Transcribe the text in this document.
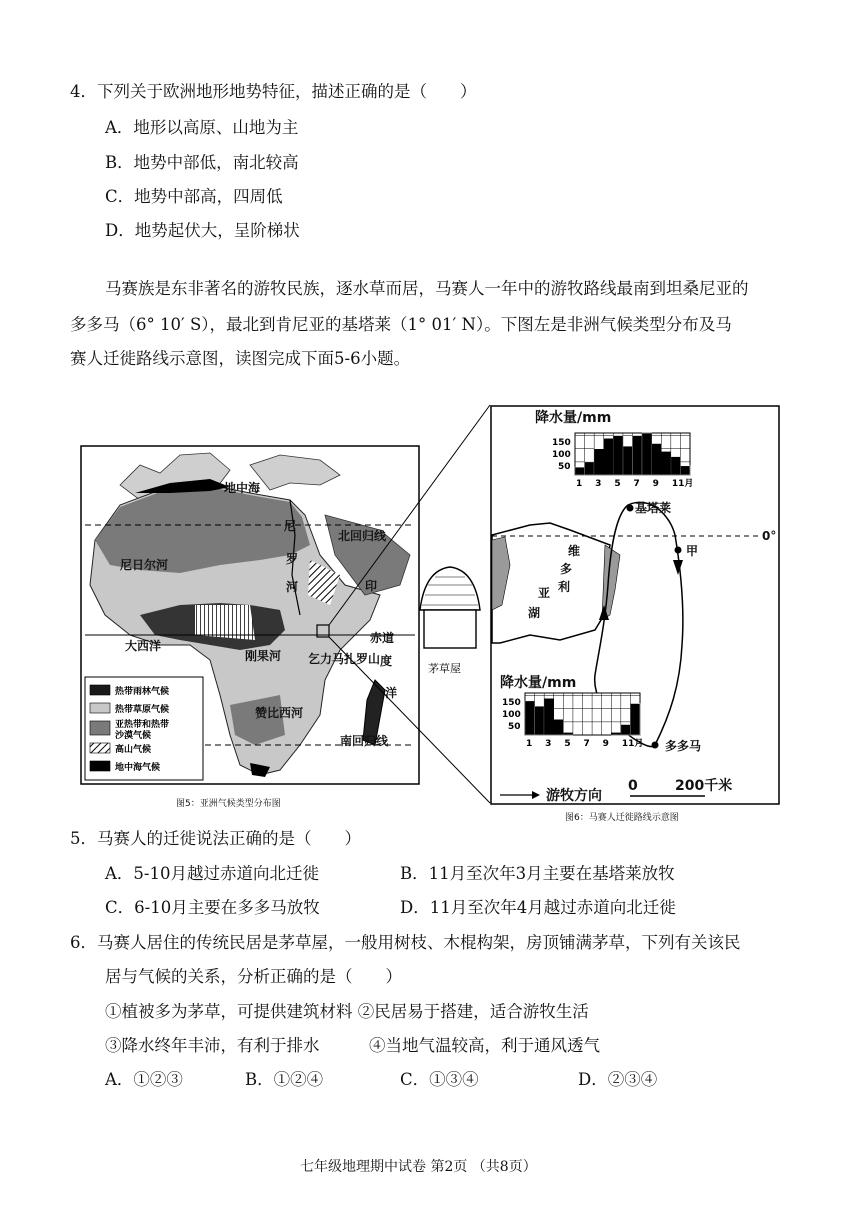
4．下列关于欧洲地形地势特征，描述正确的是（　　）
A．地形以高原、山地为主
B．地势中部低，南北较高
C．地势中部高，四周低
D．地势起伏大，呈阶梯状
马赛族是东非著名的游牧民族，逐水草而居，马赛人一年中的游牧路线最南到坦桑尼亚的
多多马（6° 10′ S），最北到肯尼亚的基塔莱（1° 01′ N）。下图左是非洲气候类型分布及马
赛人迁徙路线示意图，读图完成下面5-6小题。
地中海
尼
罗
河
北回归线
尼日尔河
印
大西洋
赤道
刚果河 乞力马扎罗山 度
赞比西河
洋
南回归线
热带雨林气候
热带草原气候
亚热带和热带
沙漠气候
高山气候
地中海气候
图5：亚洲气候类型分布图
茅草屋
维
多
利
亚
湖
0°
基塔莱
甲
多多马
游牧方向
0	200千米
降水量/mm
150
100
50
1 3 5 7 9 11月
降水量/mm
150
100
50
1 3 5 7 9 11月
图6：马赛人迁徙路线示意图
5．马赛人的迁徙说法正确的是（　　）
A．5-10月越过赤道向北迁徙	B．11月至次年3月主要在基塔莱放牧
C．6-10月主要在多多马放牧	D．11月至次年4月越过赤道向北迁徙
6．马赛人居住的传统民居是茅草屋，一般用树枝、木棍构架，房顶铺满茅草，下列有关该民
居与气候的关系，分析正确的是（　　）
①植被多为茅草，可提供建筑材料 ②民居易于搭建，适合游牧生活
③降水终年丰沛，有利于排水　　　④当地气温较高，利于通风透气
A．①②③	B．①②④	C．①③④	D．②③④
七年级地理期中试卷 第2页 （共8页）
